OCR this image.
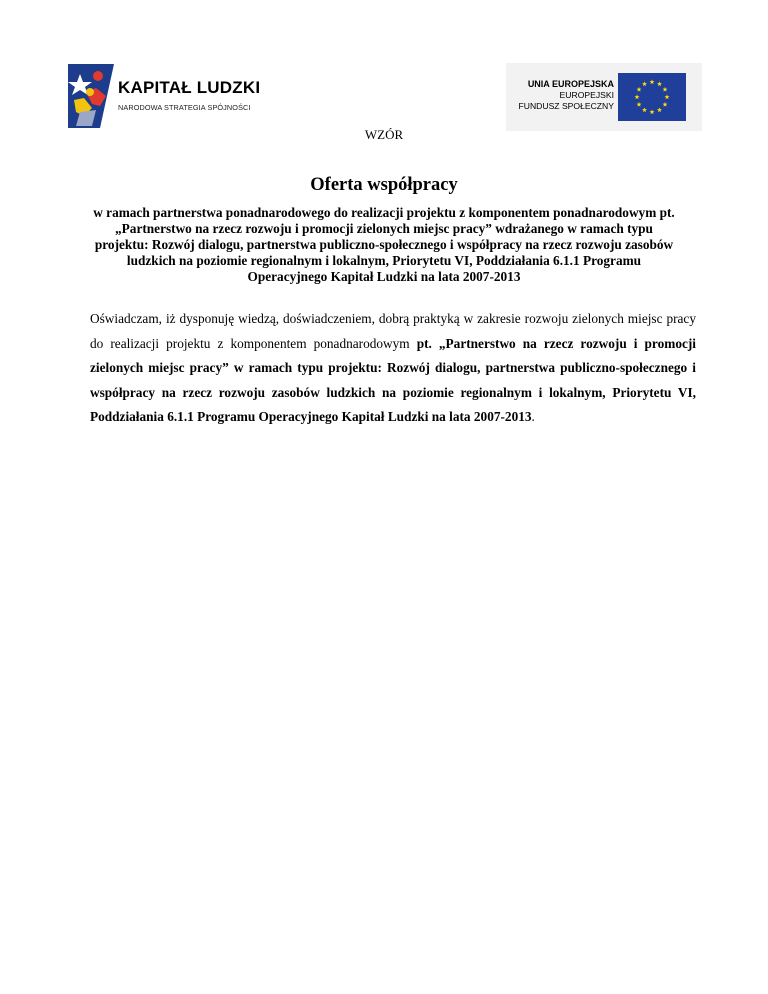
KAPITAŁ LUDZKI
NARODOWA STRATEGIA SPÓJNOŚCI
UNIA EUROPEJSKA
EUROPEJSKI
FUNDUSZ SPOŁECZNY
WZÓR
Oferta współpracy
w ramach partnerstwa ponadnarodowego do realizacji projektu z komponentem ponadnarodowym pt. „Partnerstwo na rzecz rozwoju i promocji zielonych miejsc pracy” wdrażanego w ramach typu projektu: Rozwój dialogu, partnerstwa publiczno-społecznego i współpracy na rzecz rozwoju zasobów ludzkich na poziomie regionalnym i lokalnym, Priorytetu VI, Poddziałania 6.1.1 Programu Operacyjnego Kapitał Ludzki na lata 2007-2013
Oświadczam, iż dysponuję wiedzą, doświadczeniem, dobrą praktyką w zakresie rozwoju zielonych miejsc pracy do realizacji projektu z komponentem ponadnarodowym pt. „Partnerstwo na rzecz rozwoju i promocji zielonych miejsc pracy” w ramach typu projektu: Rozwój dialogu, partnerstwa publiczno-społecznego i współpracy na rzecz rozwoju zasobów ludzkich na poziomie regionalnym i lokalnym, Priorytetu VI, Poddziałania 6.1.1 Programu Operacyjnego Kapitał Ludzki na lata 2007-2013.
